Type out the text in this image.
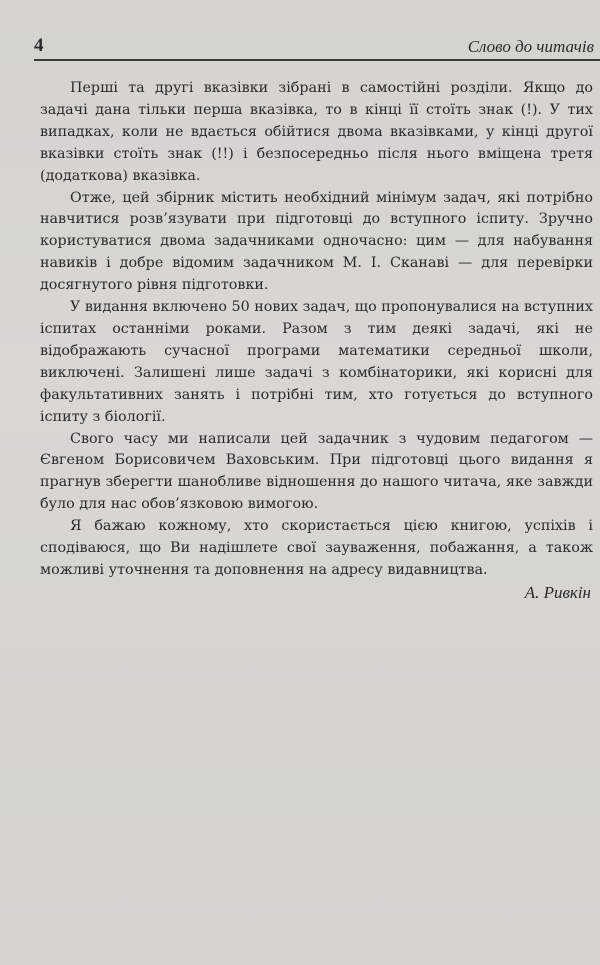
4	Слово до читачів

Перші та другі вказівки зібрані в самостійні розділи. Якщо до задачі дана тільки перша вказівка, то в кінці її стоїть знак (!). У тих випадках, коли не вдається обійтися двома вказівками, у кінці другої вказівки стоїть знак (!!) і безпосередньо після нього вміщена третя (додаткова) вказівка.

Отже, цей збірник містить необхідний мінімум задач, які потрібно навчитися розв’язувати при підготовці до вступного іспиту. Зручно користуватися двома задачниками одночасно: цим — для набування навиків і добре відомим задачником М. І. Сканаві — для перевірки досягнутого рівня підготовки.

У видання включено 50 нових задач, що пропонувалися на вступних іспитах останніми роками. Разом з тим деякі задачі, які не відображають сучасної програми математики середньої школи, виключені. Залишені лише задачі з комбінаторики, які корисні для факультативних занять і потрібні тим, хто готується до вступного іспиту з біології.

Свого часу ми написали цей задачник з чудовим педагогом — Євгеном Борисовичем Ваховським. При підготовці цього видання я прагнув зберегти шанобливе відношення до нашого читача, яке завжди було для нас обов’язковою вимогою.

Я бажаю кожному, хто скористається цією книгою, успіхів і сподіваюся, що Ви надішлете свої зауваження, побажання, а також можливі уточнення та доповнення на адресу видавництва.

А. Ривкін
